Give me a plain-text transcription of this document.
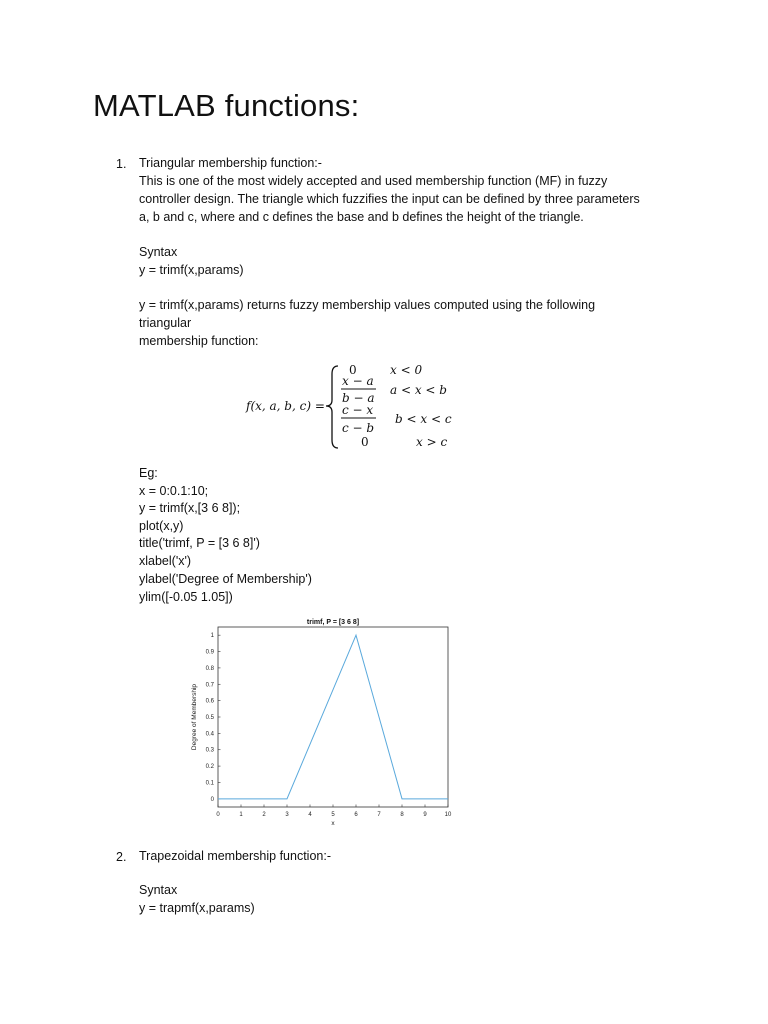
MATLAB functions:
1. Triangular membership function:-
This is one of the most widely accepted and used membership function (MF) in fuzzy
controller design. The triangle which fuzzifies the input can be defined by three parameters
a, b and c, where and c defines the base and b defines the height of the triangle.
Syntax
y = trimf(x,params)
y = trimf(x,params) returns fuzzy membership values computed using the following
triangular
membership function:
f(x, a, b, c) =
0	x < 0
x − a
b − a
a < x < b
c − x
c − b
b < x < c
0	x > c
Eg:
x = 0:0.1:10;
y = trimf(x,[3 6 8]);
plot(x,y)
title('trimf, P = [3 6 8]')
xlabel('x')
ylabel('Degree of Membership')
ylim([-0.05 1.05])
trimf, P = [3 6 8]
0	1	2	3	4	5	6	7	8	9	10
0
0.1
0.2
0.3
0.4
0.5
0.6
0.7
0.8
0.9
1
x
Degree of Membership
2. Trapezoidal membership function:-
Syntax
y = trapmf(x,params)
